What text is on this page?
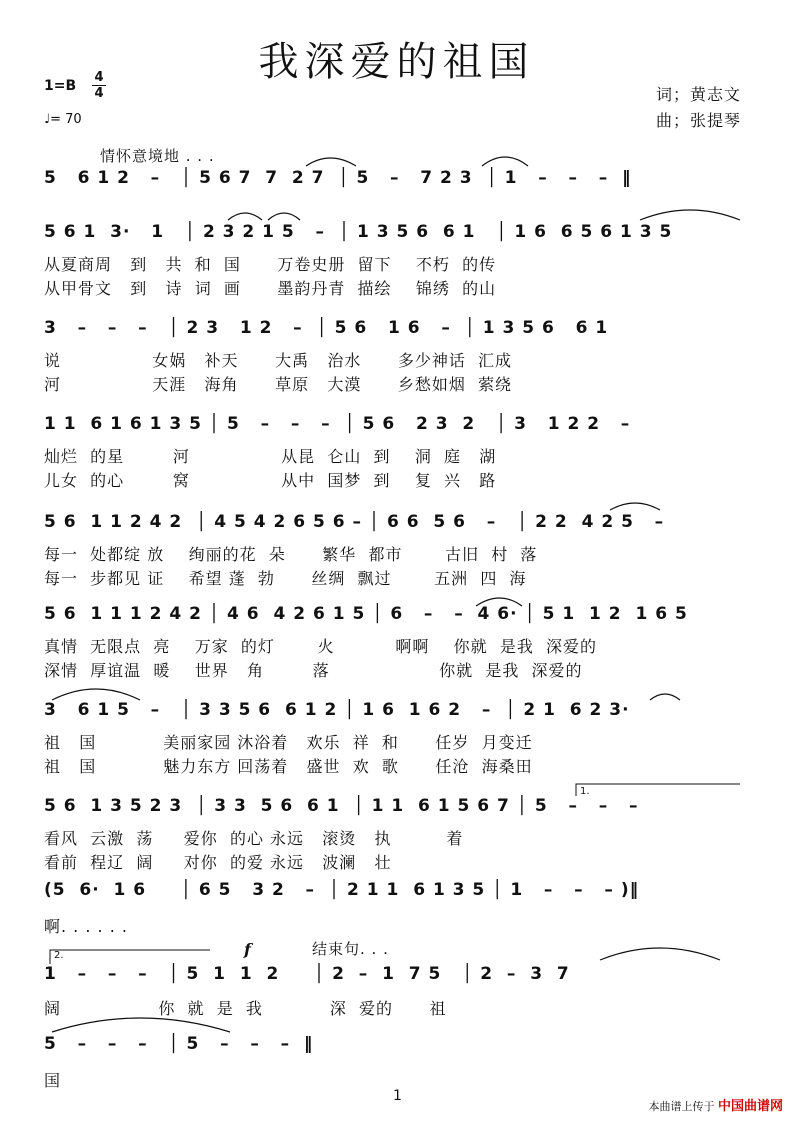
我深爱的祖国
1=B
4
4
♩= 70
词；黄志文
曲；张提琴
情怀意境地 . . .
5   6 1 2   –   │ 5 6 7  7  2 7  │ 5   –   7 2 3  │ 1   –   –   –  ‖
5 6 1  3·   1   │ 2 3 2 1 5   –  │ 1 3 5 6  6 1   │ 1 6  6 5 6 1 3 5
从夏商周   到   共  和  国      万卷史册  留下    不朽  的传
从甲骨文   到   诗  词  画      墨韵丹青  描绘    锦绣  的山
3   –   –   –   │ 2 3   1 2   –  │ 5 6   1 6   –  │ 1 3 5 6   6 1
说               女娲   补天      大禹   治水      多少神话  汇成
河               天涯   海角      草原   大漠      乡愁如烟  萦绕
1 1  6 1 6 1 3 5 │ 5   –   –   –  │ 5 6   2 3  2   │ 3   1 2 2   –
灿烂  的星        河               从昆  仑山  到    洞  庭   湖
儿女  的心        窝               从中  国梦  到    复  兴   路
5 6  1 1 2 4 2  │ 4 5 4 2 6 5 6 – │ 6 6  5 6   –   │ 2 2  4 2 5   –
每一  处都绽 放    绚丽的花  朵      繁华  都市       古旧  村  落
每一  步都见 证    希望 蓬  勃      丝绸  飘过       五洲  四  海
5 6  1 1 1 2 4 2 │ 4 6  4 2 6 1 5 │ 6   –   –  4 6· │ 5 1  1 2  1 6 5
真情  无限点  亮    万家  的灯       火          啊啊    你就  是我  深爱的
深情  厚谊温  暖    世界   角        落                  你就  是我  深爱的
3   6 1 5   –   │ 3 3 5 6  6 1 2 │ 1 6  1 6 2   –  │ 2 1  6 2 3·
祖   国           美丽家园 沐浴着   欢乐  祥  和      任岁  月变迁
祖   国           魅力东方 回荡着   盛世  欢  歌      任沧  海桑田
1.
5 6  1 3 5 2 3  │ 3 3  5 6  6 1  │ 1 1  6 1 5 6 7 │ 5   –   –   –
看风  云激  荡     爱你  的心 永远   滚烫   执         着
看前  程辽  阔     对你  的爱 永远   波澜   壮
(5  6·  1 6     │ 6 5   3 2   –  │ 2 1 1  6 1 3 5 │ 1   –   –   – )‖
啊. . . . . .
2.	f	结束句. . .
1   –   –   –   │ 5  1  1  2     │ 2  –  1  7 5   │ 2  –  3  7
阔                你  就  是  我           深  爱的      祖
5   –   –   –   │ 5   –   –   –  ‖
国
1
本曲谱上传于 中国曲谱网
